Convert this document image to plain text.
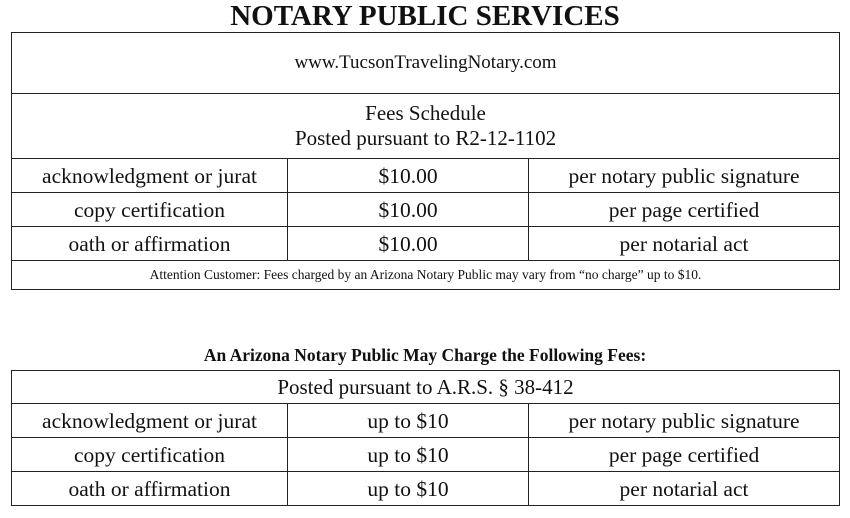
NOTARY PUBLIC SERVICES
www.TucsonTravelingNotary.com		

Fees Schedule
Posted pursuant to R2-12-1102		

acknowledgment or jurat	$10.00	per notary public signature
copy certification	$10.00	per page certified
oath or affirmation	$10.00	per notarial act
Attention Customer: Fees charged by an Arizona Notary Public may vary from “no charge” up to $10.		
An Arizona Notary Public May Charge the Following Fees:
Posted pursuant to A.R.S. § 38-412		
acknowledgment or jurat	up to $10	per notary public signature
copy certification	up to $10	per page certified
oath or affirmation	up to $10	per notarial act
